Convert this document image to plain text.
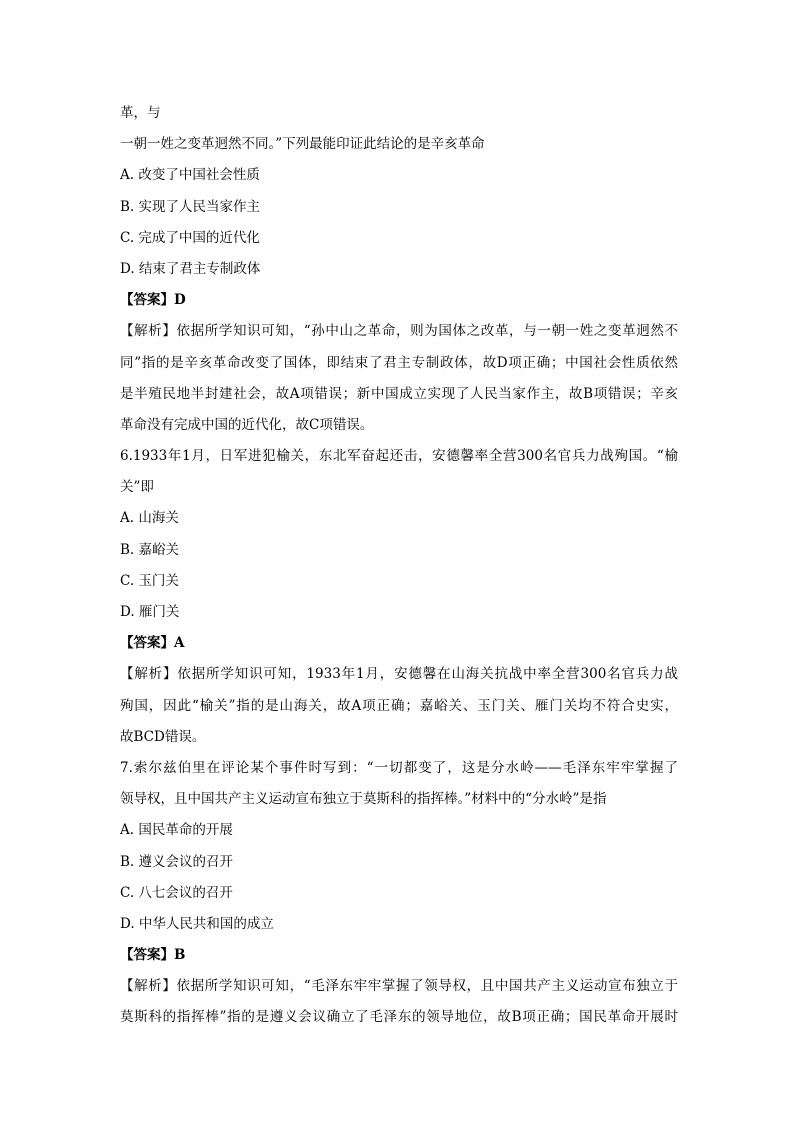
革，与
一朝一姓之变革迥然不同。”下列最能印证此结论的是辛亥革命
A. 改变了中国社会性质
B. 实现了人民当家作主
C. 完成了中国的近代化
D. 结束了君主专制政体
【答案】D
【解析】依据所学知识可知，“孙中山之革命，则为国体之改革，与一朝一姓之变革迥然不
同”指的是辛亥革命改变了国体，即结束了君主专制政体，故D项正确；中国社会性质依然
是半殖民地半封建社会，故A项错误；新中国成立实现了人民当家作主，故B项错误；辛亥
革命没有完成中国的近代化，故C项错误。
6.1933年1月，日军进犯榆关，东北军奋起还击，安德馨率全营300名官兵力战殉国。“榆
关”即
A. 山海关
B. 嘉峪关
C. 玉门关
D. 雁门关
【答案】A
【解析】依据所学知识可知，1933年1月，安德馨在山海关抗战中率全营300名官兵力战
殉国，因此“榆关”指的是山海关，故A项正确；嘉峪关、玉门关、雁门关均不符合史实，
故BCD错误。
7.索尔兹伯里在评论某个事件时写到：“一切都变了，这是分水岭——毛泽东牢牢掌握了
领导权，且中国共产主义运动宣布独立于莫斯科的指挥棒。”材料中的“分水岭”是指
A. 国民革命的开展
B. 遵义会议的召开
C. 八七会议的召开
D. 中华人民共和国的成立
【答案】B
【解析】依据所学知识可知，“毛泽东牢牢掌握了领导权，且中国共产主义运动宣布独立于
莫斯科的指挥棒”指的是遵义会议确立了毛泽东的领导地位，故B项正确；国民革命开展时
